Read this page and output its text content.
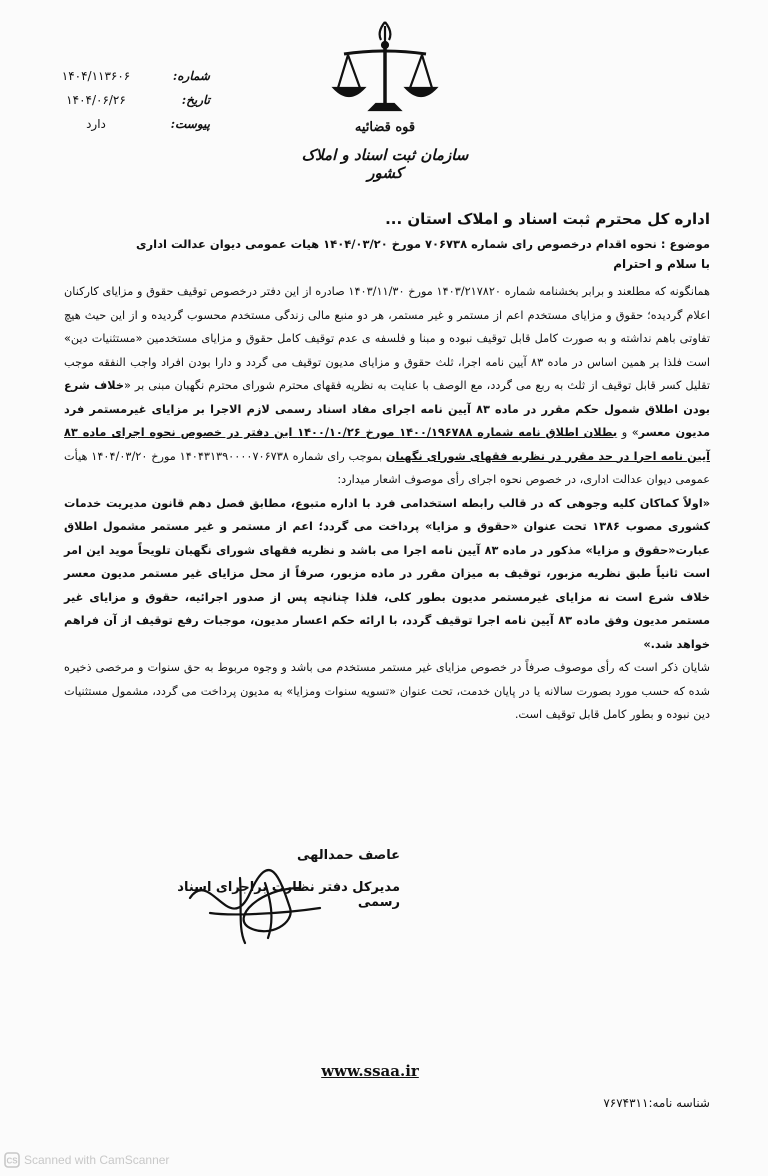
قوه قضائیه
سازمان ثبت اسناد و املاک کشور
شماره:
۱۴۰۴/۱۱۳۶۰۶
تاریخ:
۱۴۰۴/۰۶/۲۶
پیوست:
دارد

اداره کل محترم ثبت اسناد و املاک استان ...

موضوع : نحوه اقدام درخصوص رای شماره ۷۰۶۷۳۸ مورخ ۱۴۰۴/۰۳/۲۰ هیات عمومی دیوان عدالت اداری

با سلام و احترام

همانگونه که مطلعند و برابر بخشنامه شماره ۱۴۰۳/۲۱۷۸۲۰ مورخ ۱۴۰۳/۱۱/۳۰ صادره از این دفتر درخصوص توقیف حقوق و مزایای کارکنان اعلام گردیده؛ حقوق و مزایای مستخدم اعم از مستمر و غیر مستمر، هر دو منبع مالی زندگی مستخدم محسوب گردیده و از این حیث هیچ تفاوتی باهم نداشته و به صورت کامل قابل توقیف نبوده و مبنا و فلسفه ی عدم توقیف کامل حقوق و مزایای مستخدمین «مستثنیات دین» است فلذا بر همین اساس در ماده ۸۳ آیین نامه اجرا، ثلث حقوق و مزایای مدیون توقیف می گردد و دارا بودن افراد واجب النفقه موجب تقلیل کسر قابل توقیف از ثلث به ربع می گردد، مع الوصف با عنایت به نظریه فقهای محترم شورای محترم نگهبان مبنی بر «خلاف شرع بودن اطلاق شمول حکم مقرر در ماده ۸۳ آیین نامه اجرای مفاد اسناد رسمی لازم الاجرا بر مزایای غیرمستمر فرد مدیون معسر» و بطلان اطلاق نامه شماره ۱۴۰۰/۱۹۶۷۸۸ مورخ ۱۴۰۰/۱۰/۲۶ این دفتر در خصوص نحوه اجرای ماده ۸۳ آیین نامه اجرا در حد مقرر در نظریه فقهای شورای نگهبان بموجب رای شماره ۱۴۰۴۳۱۳۹۰۰۰۰۷۰۶۷۳۸ مورخ ۱۴۰۴/۰۳/۲۰ هیأت عمومی دیوان عدالت اداری، در خصوص نحوه اجرای رأی موصوف اشعار میدارد:

«اولاً کماکان کلیه وجوهی که در قالب رابطه استخدامی فرد با اداره متبوع، مطابق فصل دهم قانون مدیریت خدمات کشوری مصوب ۱۳۸۶ تحت عنوان «حقوق و مزایا» پرداخت می گردد؛ اعم از مستمر و غیر مستمر مشمول اطلاق عبارت«حقوق و مزایا» مذکور در ماده ۸۳ آیین نامه اجرا می باشد و نظریه فقهای شورای نگهبان تلویحاً موید این امر است ثانیاً طبق نظریه مزبور، توقیف به میزان مقرر در ماده مزبور، صرفاً از محل مزایای غیر مستمر مدیون معسر خلاف شرع است نه مزایای غیرمستمر مدیون بطور کلی، فلذا چنانچه پس از صدور اجرائیه، حقوق و مزایای غیر مستمر مدیون وفق ماده ۸۳ آیین نامه اجرا توقیف گردد، با ارائه حکم اعسار مدیون، موجبات رفع توقیف از آن فراهم خواهد شد.»

شایان ذکر است که رأی موصوف صرفاً در خصوص مزایای غیر مستمر مستخدم می باشد و وجوه مربوط به حق سنوات و مرخصی ذخیره شده که حسب مورد بصورت سالانه یا در پایان خدمت، تحت عنوان «تسویه سنوات ومزایا» به مدیون پرداخت می گردد، مشمول مستثنیات دین نبوده و بطور کامل قابل توقیف است.

عاصف حمدالهی
مدیرکل دفتر نظارت براجرای اسناد رسمی
www.ssaa.ir
شناسه نامه:۷۶۷۴۳۱۱
CS Scanned with CamScanner
